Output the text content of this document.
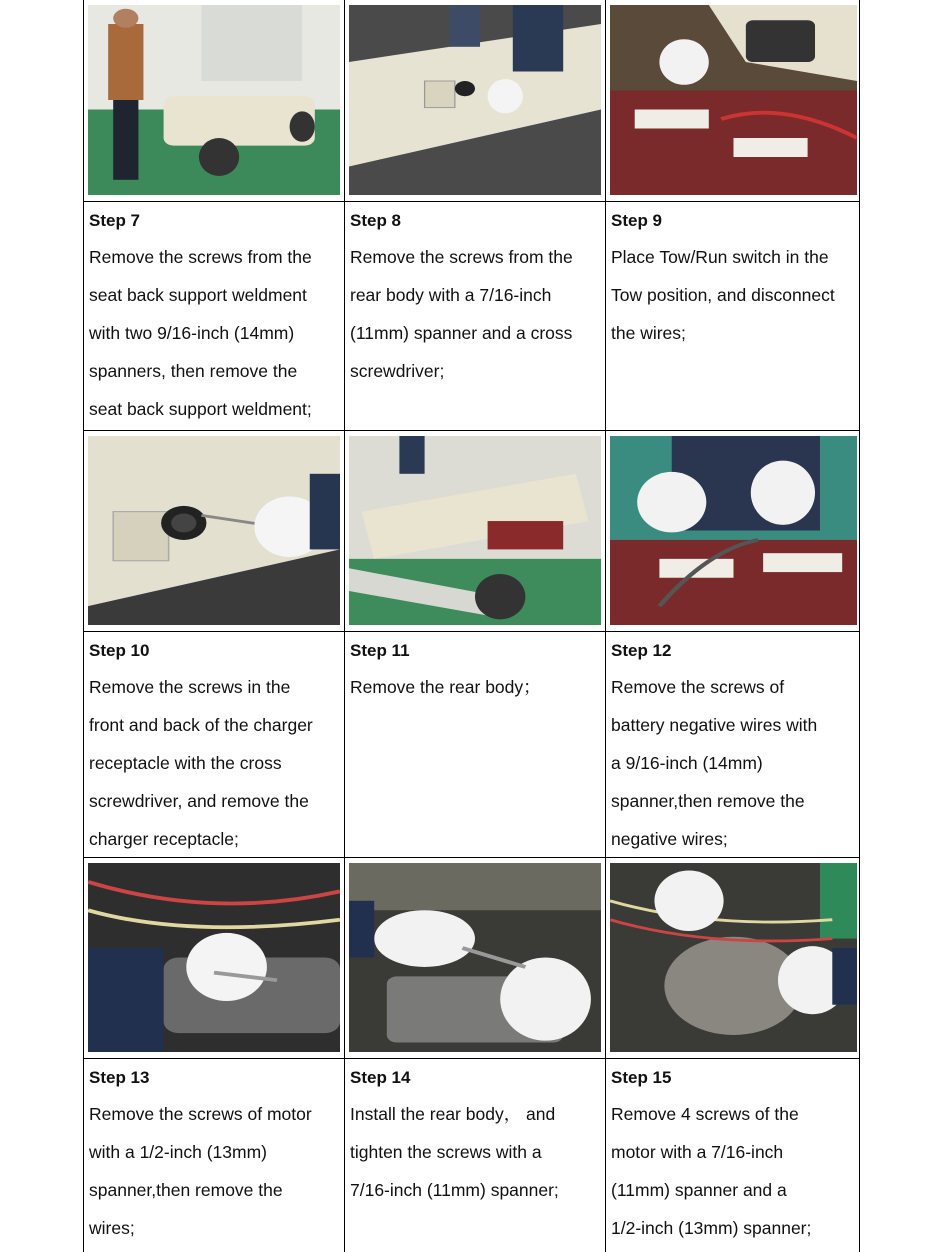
Step 7
Remove the screws from the
seat back support weldment
with two 9/16-inch (14mm)
spanners, then remove the
seat back support weldment;
Step 8
Remove the screws from the
rear body with a 7/16-inch
(11mm) spanner and a cross
screwdriver;
Step 9
Place Tow/Run switch in the
Tow position, and disconnect
the wires;
Step 10
Remove the screws in the
front and back of the charger
receptacle with the cross
screwdriver, and remove the
charger receptacle;
Step 11
Remove the rear body；
Step 12
Remove the screws of
battery negative wires with
a 9/16-inch (14mm)
spanner,then remove the
negative wires;
Step 13
Remove the screws of motor
with a 1/2-inch (13mm)
spanner,then remove the
wires;
Step 14
Install the rear body， and
tighten the screws with a
7/16-inch (11mm) spanner;
Step 15
Remove 4 screws of the
motor with a 7/16-inch
(11mm) spanner and a
1/2-inch (13mm) spanner;
